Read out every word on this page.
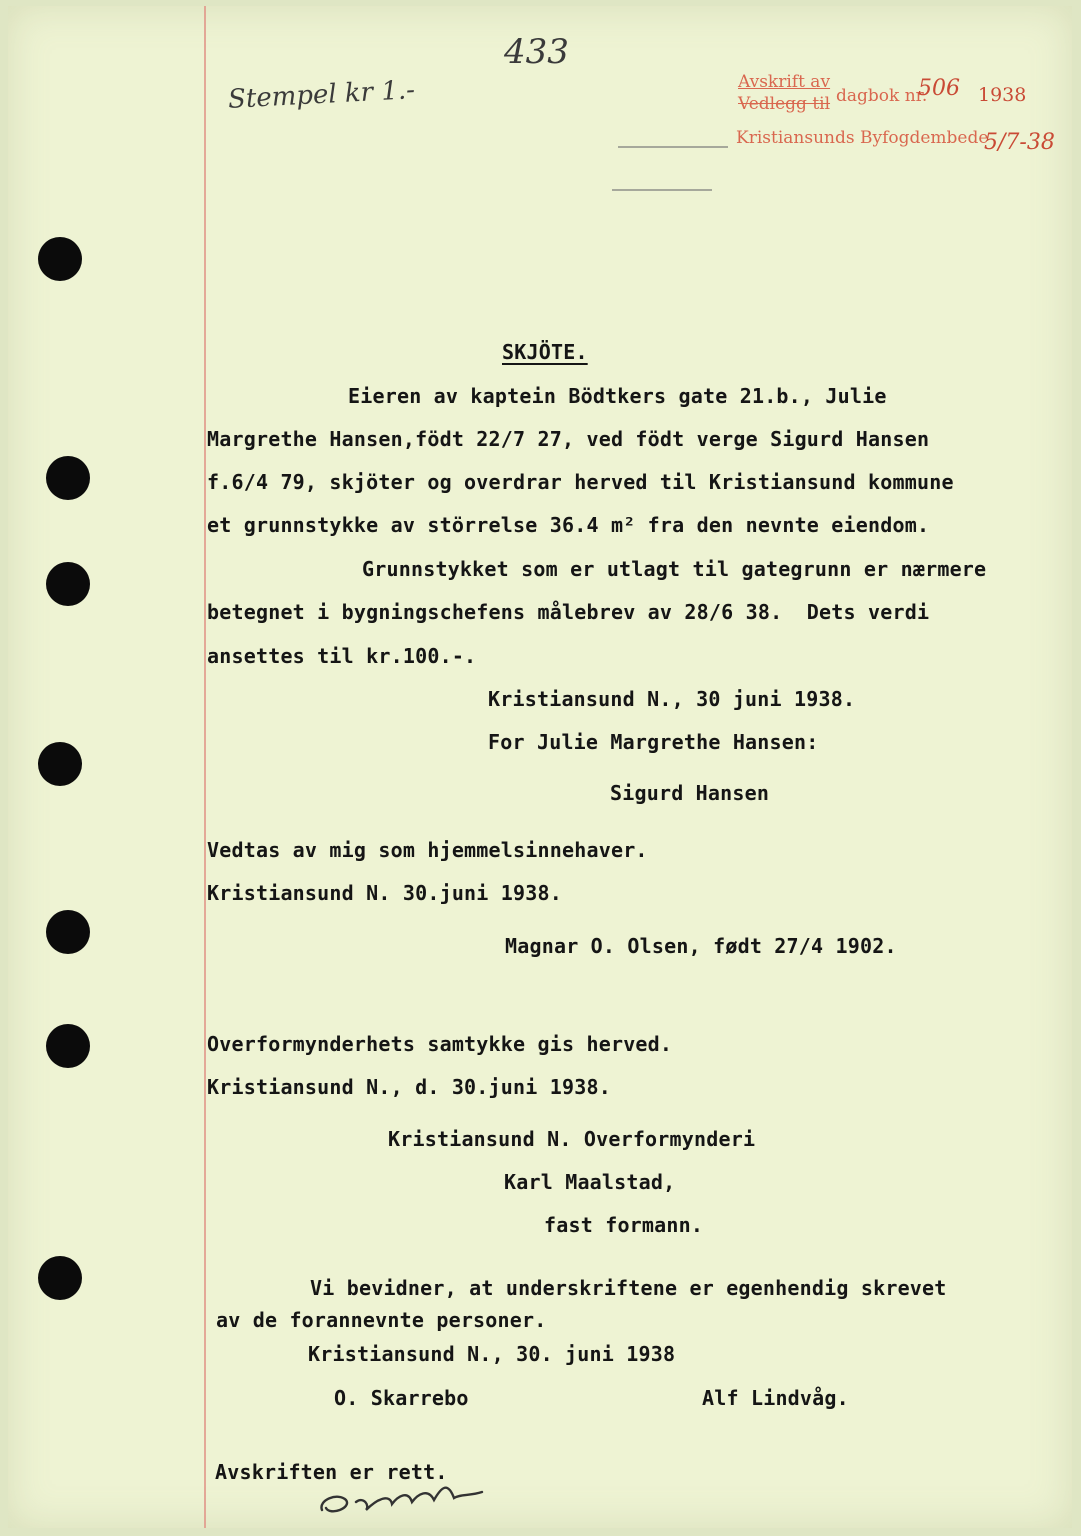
433
Stempel kr 1.-	Avskrift av
Vedlegg til dagbok nr.
506 1938
Kristiansunds Byfogdembede
5/7-38
SKJÖTE.
Eieren av kaptein Bödtkers gate 21.b., Julie
Margrethe Hansen,födt 22/7 27, ved födt verge Sigurd Hansen
f.6/4 79, skjöter og overdrar herved til Kristiansund kommune
et grunnstykke av störrelse 36.4 m² fra den nevnte eiendom.
Grunnstykket som er utlagt til gategrunn er nærmere
betegnet i bygningschefens målebrev av 28/6 38.  Dets verdi
ansettes til kr.100.-.
Kristiansund N., 30 juni 1938.
For Julie Margrethe Hansen:
Sigurd Hansen
Vedtas av mig som hjemmelsinnehaver.
Kristiansund N. 30.juni 1938.
Magnar O. Olsen, født 27/4 1902.
Overformynderhets samtykke gis herved.
Kristiansund N., d. 30.juni 1938.
Kristiansund N. Overformynderi
Karl Maalstad,
fast formann.
Vi bevidner, at underskriftene er egenhendig skrevet
av de forannevnte personer.
Kristiansund N., 30. juni 1938
O. Skarrebo	Alf Lindvåg.
Avskriften er rett.
